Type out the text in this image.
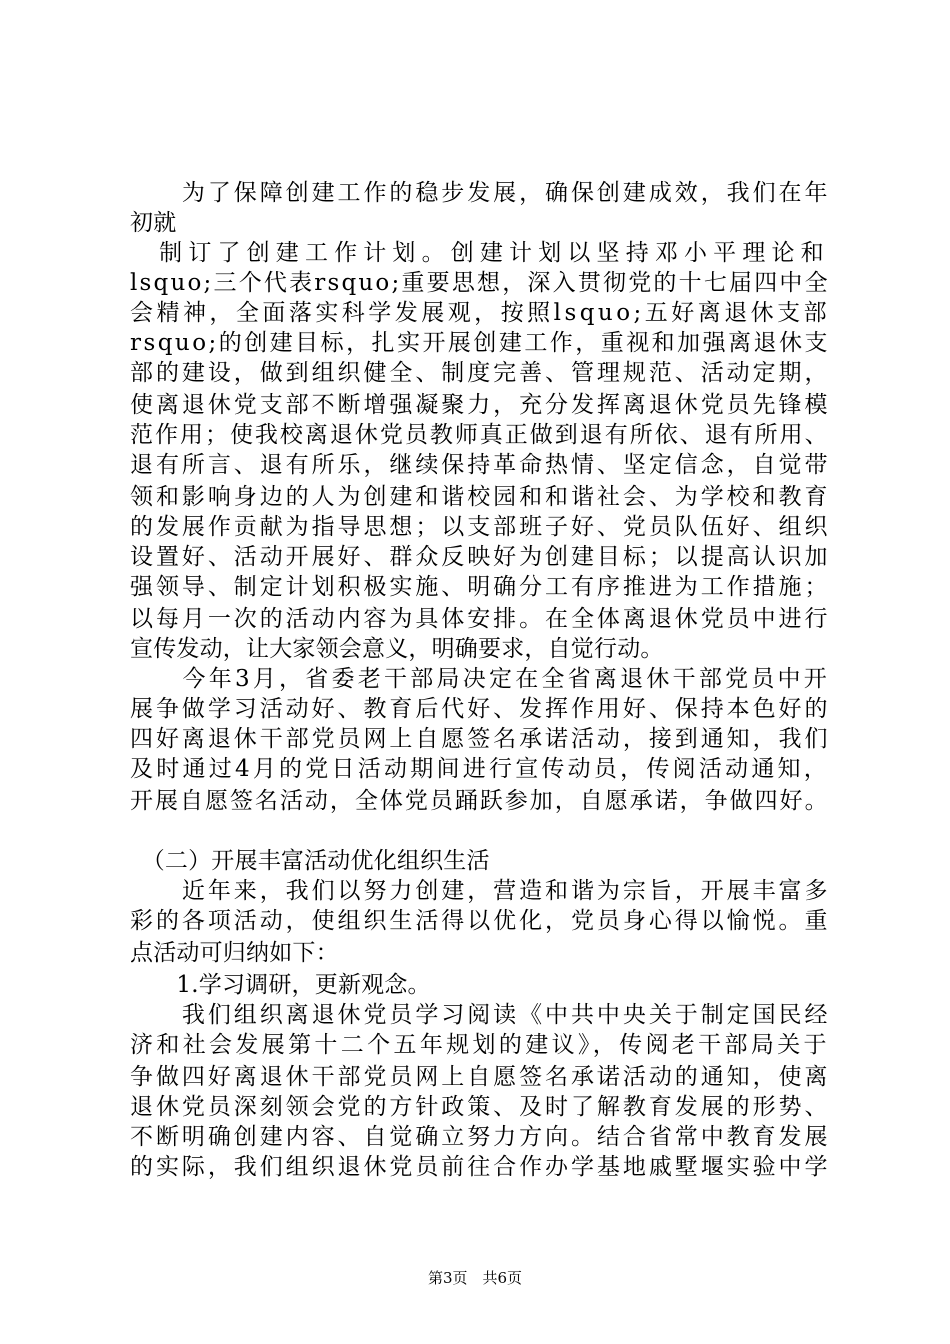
　　为了保障创建工作的稳步发展，确保创建成效，我们在年
初就
　制订了创建工作计划。创建计划以坚持邓小平理论和
lsquo;三个代表rsquo;重要思想，深入贯彻党的十七届四中全
会精神，全面落实科学发展观，按照lsquo;五好离退休支部
rsquo;的创建目标，扎实开展创建工作，重视和加强离退休支
部的建设，做到组织健全、制度完善、管理规范、活动定期，
使离退休党支部不断增强凝聚力，充分发挥离退休党员先锋模
范作用；使我校离退休党员教师真正做到退有所依、退有所用、
退有所言、退有所乐，继续保持革命热情、坚定信念，自觉带
领和影响身边的人为创建和谐校园和和谐社会、为学校和教育
的发展作贡献为指导思想；以支部班子好、党员队伍好、组织
设置好、活动开展好、群众反映好为创建目标；以提高认识加
强领导、制定计划积极实施、明确分工有序推进为工作措施；
以每月一次的活动内容为具体安排。在全体离退休党员中进行
宣传发动，让大家领会意义，明确要求，自觉行动。
　　今年3月，省委老干部局决定在全省离退休干部党员中开
展争做学习活动好、教育后代好、发挥作用好、保持本色好的
四好离退休干部党员网上自愿签名承诺活动，接到通知，我们
及时通过4月的党日活动期间进行宣传动员，传阅活动通知，
开展自愿签名活动，全体党员踊跃参加，自愿承诺，争做四好。
　（二）开展丰富活动优化组织生活
　　近年来，我们以努力创建，营造和谐为宗旨，开展丰富多
彩的各项活动，使组织生活得以优化，党员身心得以愉悦。重
点活动可归纳如下：
　　1.学习调研，更新观念。
　　我们组织离退休党员学习阅读《中共中央关于制定国民经
济和社会发展第十二个五年规划的建议》，传阅老干部局关于
争做四好离退休干部党员网上自愿签名承诺活动的通知，使离
退休党员深刻领会党的方针政策、及时了解教育发展的形势、
不断明确创建内容、自觉确立努力方向。结合省常中教育发展
的实际，我们组织退休党员前往合作办学基地戚墅堰实验中学
第3页　共6页
